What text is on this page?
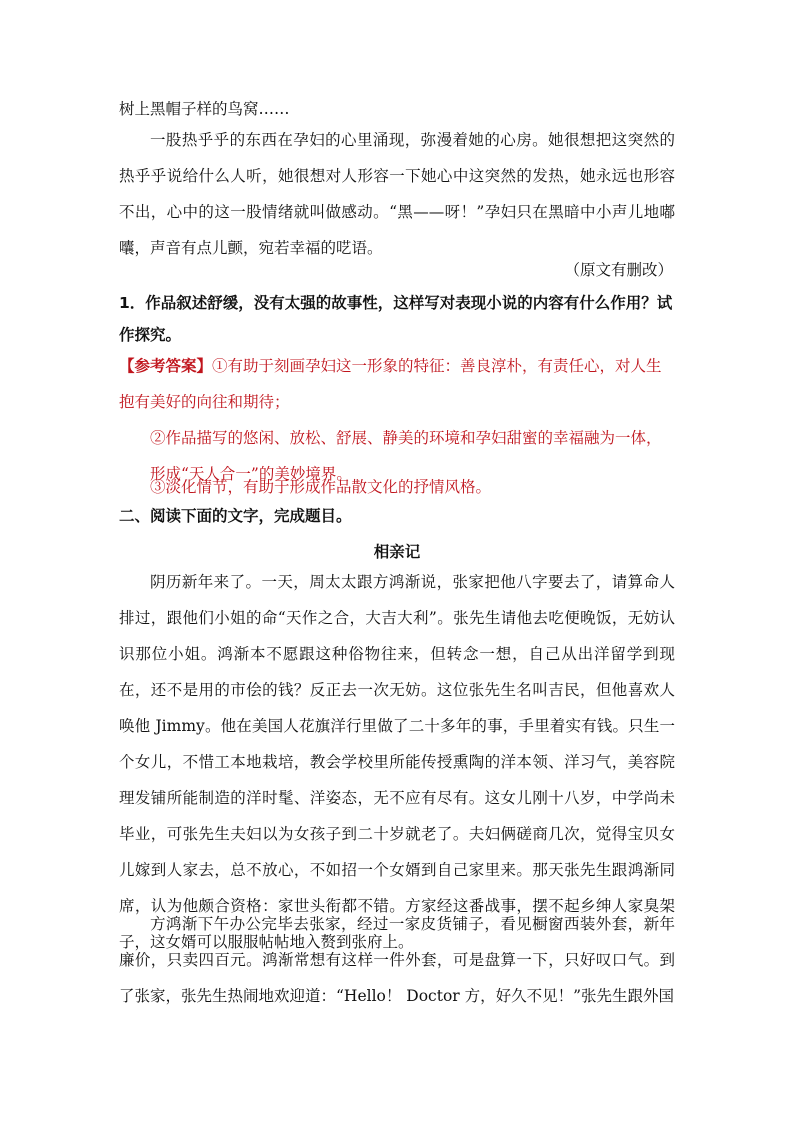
树上黑帽子样的鸟窝……
一股热乎乎的东西在孕妇的心里涌现，弥漫着她的心房。她很想把这突然的热乎乎说给什么人听，她很想对人形容一下她心中这突然的发热，她永远也形容不出，心中的这一股情绪就叫做感动。“黑——呀！”孕妇只在黑暗中小声儿地嘟囔，声音有点儿颤，宛若幸福的呓语。
（原文有删改）
1．作品叙述舒缓，没有太强的故事性，这样写对表现小说的内容有什么作用？试作探究。
【参考答案】①有助于刻画孕妇这一形象的特征：善良淳朴，有责任心，对人生抱有美好的向往和期待；
②作品描写的悠闲、放松、舒展、静美的环境和孕妇甜蜜的幸福融为一体，形成“天人合一”的美妙境界。
③淡化情节，有助于形成作品散文化的抒情风格。
二、阅读下面的文字，完成题目。
相亲记
阴历新年来了。一天，周太太跟方鸿渐说，张家把他八字要去了，请算命人排过，跟他们小姐的命“天作之合，大吉大利”。张先生请他去吃便晚饭，无妨认识那位小姐。鸿渐本不愿跟这种俗物往来，但转念一想，自己从出洋留学到现在，还不是用的市侩的钱？反正去一次无妨。这位张先生名叫吉民，但他喜欢人唤他 Jimmy。他在美国人花旗洋行里做了二十多年的事，手里着实有钱。只生一个女儿，不惜工本地栽培，教会学校里所能传授熏陶的洋本领、洋习气，美容院理发铺所能制造的洋时髦、洋姿态，无不应有尽有。这女儿刚十八岁，中学尚未毕业，可张先生夫妇以为女孩子到二十岁就老了。夫妇俩磋商几次，觉得宝贝女儿嫁到人家去，总不放心，不如招一个女婿到自己家里来。那天张先生跟鸿渐同席，认为他颇合资格：家世头衔都不错。方家经这番战事，摆不起乡绅人家臭架子，这女婿可以服服帖帖地入赘到张府上。
方鸿渐下午办公完毕去张家，经过一家皮货铺子，看见橱窗西装外套，新年廉价，只卖四百元。鸿渐常想有这样一件外套，可是盘算一下，只好叹口气。到了张家，张先生热闹地欢迎道：“Hello！ Doctor 方，好久不见！”张先生跟外国
